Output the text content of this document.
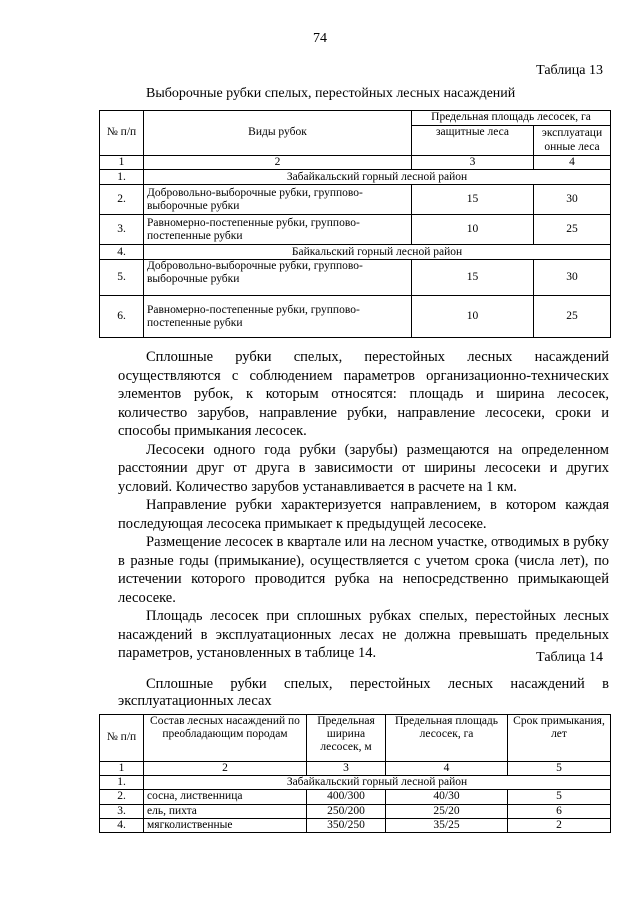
74
Таблица 13
Выборочные рубки спелых, перестойных лесных насаждений
№ п/п	Виды рубок	Предельная площадь лесосек, га	
		защитные леса	эксплуатаци онные леса
1	2	3	4
1.	Забайкальский горный лесной район		
2.	Добровольно-выборочные рубки, группово-выборочные рубки	15	30
3.	Равномерно-постепенные рубки, группово-постепенные рубки	10	25
4.	Байкальский горный лесной район		
5.	Добровольно-выборочные рубки, группово-выборочные рубки	15	30
6.	Равномерно-постепенные рубки, группово-постепенные рубки	10	25

Сплошные рубки спелых, перестойных лесных насаждений осуществляются с соблюдением параметров организационно-технических элементов рубок, к которым относятся: площадь и ширина лесосек, количество зарубов, направление рубки, направление лесосеки, сроки и способы примыкания лесосек.

Лесосеки одного года рубки (зарубы) размещаются на определенном расстоянии друг от друга в зависимости от ширины лесосеки и других условий. Количество зарубов устанавливается в расчете на 1 км.

Направление рубки характеризуется направлением, в котором каждая последующая лесосека примыкает к предыдущей лесосеке.

Размещение лесосек в квартале или на лесном участке, отводимых в рубку в разные годы (примыкание), осуществляется с учетом срока (числа лет), по истечении которого проводится рубка на непосредственно примыкающей лесосеке.

Площадь лесосек при сплошных рубках спелых, перестойных лесных насаждений в эксплуатационных лесах не должна превышать предельных параметров, установленных в таблице 14.	Таблица 14
Сплошные рубки спелых, перестойных лесных насаждений в эксплуатационных лесах
№ п/п	Состав лесных насаждений по преобладающим породам	Предельная ширина лесосек, м	Предельная площадь лесосек, га	Срок примыкания, лет
1	2	3	4	5
1.	Забайкальский горный лесной район			
2.	сосна, лиственница	400/300	40/30	5
3.	ель, пихта	250/200	25/20	6
4.	мягколиственные	350/250	35/25	2
